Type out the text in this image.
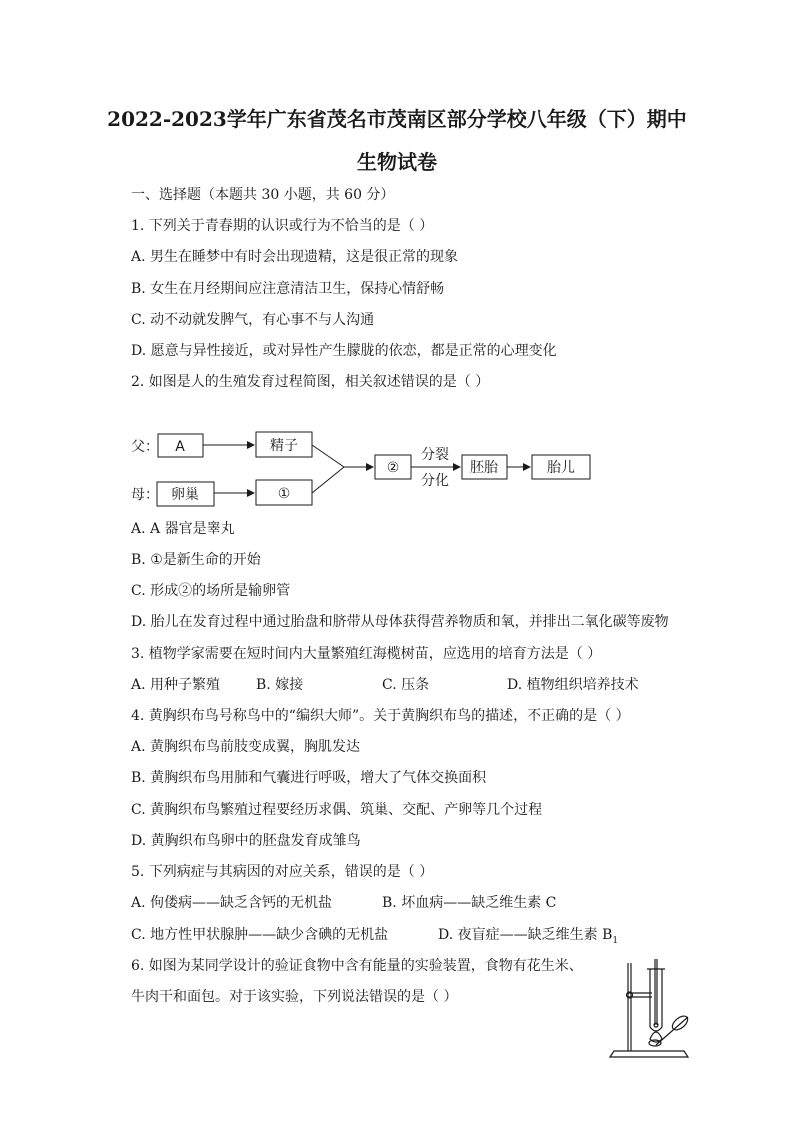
2022-2023学年广东省茂名市茂南区部分学校八年级（下）期中
生物试卷
一、选择题（本题共 30 小题，共 60 分）
1. 下列关于青春期的认识或行为不恰当的是（ ）
A. 男生在睡梦中有时会出现遗精，这是很正常的现象
B. 女生在月经期间应注意清洁卫生，保持心情舒畅
C. 动不动就发脾气，有心事不与人沟通
D. 愿意与异性接近，或对异性产生朦胧的依恋，都是正常的心理变化
2. 如图是人的生殖发育过程简图，相关叙述错误的是（ ）
父：
母：
A	精子
卵巢	①
②
分裂
分化
胚胎	胎儿
A. A 器官是睾丸
B. ①是新生命的开始
C. 形成②的场所是输卵管
D. 胎儿在发育过程中通过胎盘和脐带从母体获得营养物质和氧，并排出二氧化碳等废物
3. 植物学家需要在短时间内大量繁殖红海榄树苗，应选用的培育方法是（ ）
A. 用种子繁殖	B. 嫁接	C. 压条	D. 植物组织培养技术
4. 黄胸织布鸟号称鸟中的“编织大师”。关于黄胸织布鸟的描述，不正确的是（ ）
A. 黄胸织布鸟前肢变成翼，胸肌发达
B. 黄胸织布鸟用肺和气囊进行呼吸，增大了气体交换面积
C. 黄胸织布鸟繁殖过程要经历求偶、筑巢、交配、产卵等几个过程
D. 黄胸织布鸟卵中的胚盘发育成雏鸟
5. 下列病症与其病因的对应关系，错误的是（ ）
A. 佝偻病——缺乏含钙的无机盐	B. 坏血病——缺乏维生素 C
C. 地方性甲状腺肿——缺少含碘的无机盐	D. 夜盲症——缺乏维生素 $B_1$
6. 如图为某同学设计的验证食物中含有能量的实验装置，食物有花生米、
牛肉干和面包。对于该实验，下列说法错误的是（ ）
